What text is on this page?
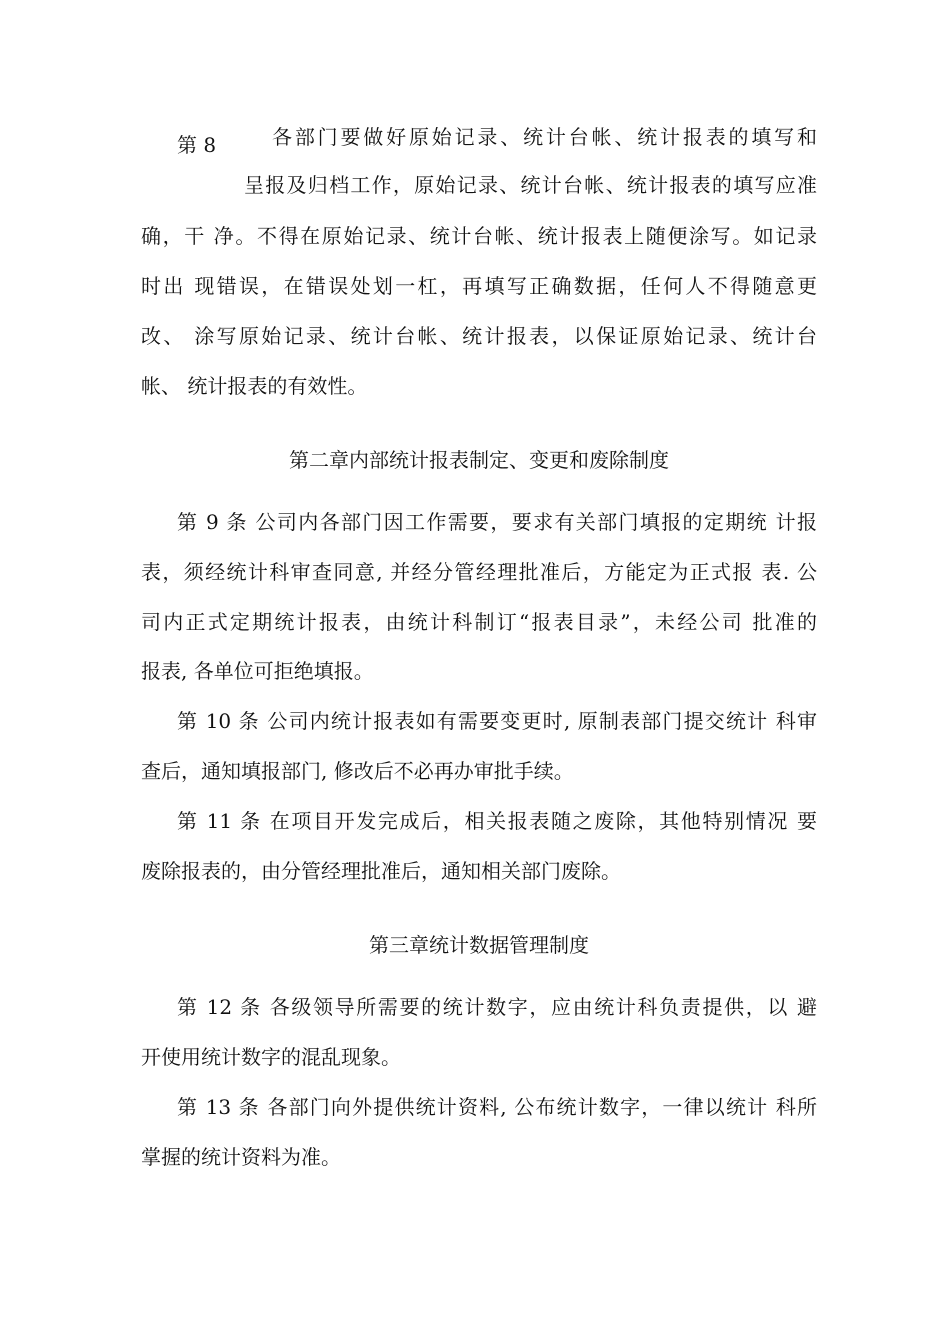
第 8	各部门要做好原始记录、统计台帐、统计报表的填写和
呈报及归档工作，原始记录、统计台帐、统计报表的填写应准
确，干 净。不得在原始记录、统计台帐、统计报表上随便涂写。如记录
时出 现错误，在错误处划一杠，再填写正确数据，任何人不得随意更
改、 涂写原始记录、统计台帐、统计报表，以保证原始记录、统计台
帐、 统计报表的有效性。
第二章内部统计报表制定、变更和废除制度
第 9 条 公司内各部门因工作需要，要求有关部门填报的定期统 计报
表，须经统计科审查同意, 并经分管经理批准后，方能定为正式报 表. 公
司内正式定期统计报表，由统计科制订“报表目录”，未经公司 批准的
报表, 各单位可拒绝填报。
第 10 条 公司内统计报表如有需要变更时, 原制表部门提交统计 科审
查后，通知填报部门, 修改后不必再办审批手续。
第 11 条 在项目开发完成后，相关报表随之废除，其他特别情况 要
废除报表的，由分管经理批准后，通知相关部门废除。
第三章统计数据管理制度
第 12 条 各级领导所需要的统计数字，应由统计科负责提供，以 避
开使用统计数字的混乱现象。
第 13 条 各部门向外提供统计资料, 公布统计数字，一律以统计 科所
掌握的统计资料为准。
